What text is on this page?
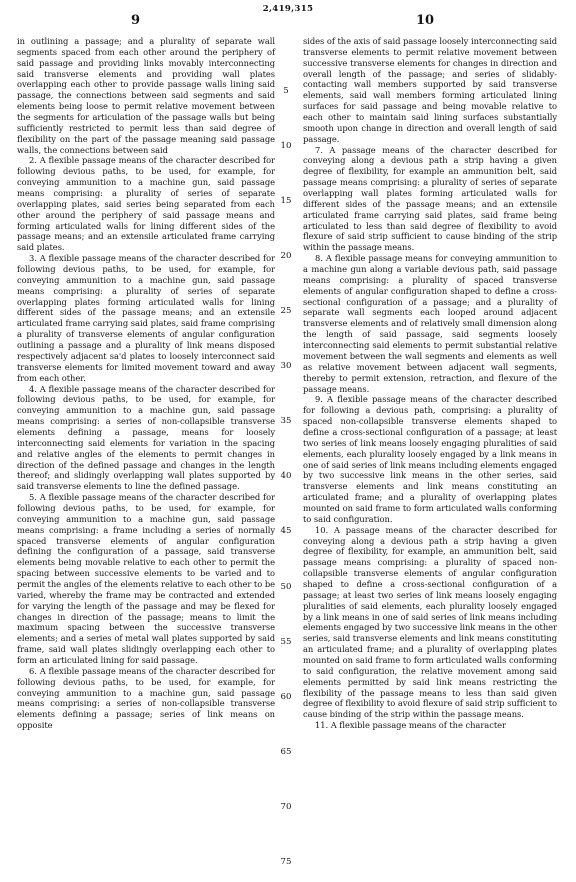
2,419,315
9	10

in outlining a passage; and a plurality of separate wall segments spaced from each other around the periphery of said passage and providing links movably interconnecting said transverse elements and providing wall plates overlapping each other to provide passage walls lining said passage, the connections between said segments and said elements being loose to permit relative movement between the segments for articulation of the passage walls but being sufficiently restricted to permit less than said degree of flexibility on the part of the passage meaning said passage walls, the connections between said

2. A flexible passage means of the character described for following devious paths, to be used, for example, for conveying ammunition to a machine gun, said passage means comprising: a plurality of series of separate overlapping plates, said series being separated from each other around the periphery of said passage means and forming articulated walls for lining different sides of the passage means; and an extensile articulated frame carrying said plates.

3. A flexible passage means of the character described for following devious paths, to be used, for example, for conveying ammunition to a machine gun, said passage means comprising: a plurality of series of separate overlapping plates forming articulated walls for lining different sides of the passage means; and an extensile articulated frame carrying said plates, said frame comprising a plurality of transverse elements of angular configuration outlining a passage and a plurality of link means disposed respectively adjacent sa'd plates to loosely interconnect said transverse elements for limited movement toward and away from each other.

4. A flexible passage means of the character described for following devious paths, to be used, for example, for conveying ammunition to a machine gun, said passage means comprising: a series of non-collapsible transverse elements defining a passage, means for loosely interconnecting said elements for variation in the spacing and relative angles of the elements to permit changes in direction of the defined passage and changes in the length thereof; and slidingly overlapping wall plates supported by said transverse elements to line the defined passage.

5. A flexible passage means of the character described for following devious paths, to be used, for example, for conveying ammunition to a machine gun, said passage means comprising: a frame including a series of normally spaced transverse elements of angular configuration defining the configuration of a passage, said transverse elements being movable relative to each other to permit the spacing between successive elements to be varied and to permit the angles of the elements relative to each other to be varied, whereby the frame may be contracted and extended for varying the length of the passage and may be flexed for changes in direction of the passage; means to limit the maximum spacing between the successive transverse elements; and a series of metal wall plates supported by said frame, said wall plates slidingly overlapping each other to form an articulated lining for said passage.

6. A flexible passage means of the character described for following devious paths, to be used, for example, for conveying ammunition to a machine gun, said passage means comprising: a series of non-collapsible transverse elements defining a passage; series of link means on opposite

sides of the axis of said passage loosely interconnecting said transverse elements to permit relative movement between successive transverse elements for changes in direction and overall length of the passage; and series of slidably-contacting wall members supported by said transverse elements, said wall members forming articulated lining surfaces for said passage and being movable relative to each other to maintain said lining surfaces substantially smooth upon change in direction and overall length of said passage.

7. A passage means of the character described for conveying along a devious path a strip having a given degree of flexibility, for example an ammunition belt, said passage means comprising: a plurality of series of separate overlapping wall plates forming articulated walls for different sides of the passage means; and an extensile articulated frame carrying said plates, said frame being articulated to less than said degree of flexibility to avoid flexure of said strip sufficient to cause binding of the strip within the passage means.

8. A flexible passage means for conveying ammunition to a machine gun along a variable devious path, said passage means comprising: a plurality of spaced transverse elements of angular configuration shaped to define a cross-sectional configuration of a passage; and a plurality of separate wall segments each looped around adjacent transverse elements and of relatively small dimension along the length of said passage, said segments loosely interconnecting said elements to permit substantial relative movement between the wall segments and elements as well as relative movement between adjacent wall segments, thereby to permit extension, retraction, and flexure of the passage means.

9. A flexible passage means of the character described for following a devious path, comprising: a plurality of spaced non-collapsible transverse elements shaped to define a cross-sectional configuration of a passage; at least two series of link means loosely engaging pluralities of said elements, each plurality loosely engaged by a link means in one of said series of link means including elements engaged by two successive link means in the other series, said transverse elements and link means constituting an articulated frame; and a plurality of overlapping plates mounted on said frame to form articulated walls conforming to said configuration.

10. A passage means of the character described for conveying along a devious path a strip having a given degree of flexibility, for example, an ammunition belt, said passage means comprising: a plurality of spaced non-collapsible transverse elements of angular configuration shaped to define a cross-sectional configuration of a passage; at least two series of link means loosely engaging pluralities of said elements, each plurality loosely engaged by a link means in one of said series of link means including elements engaged by two successive link means in the other series, said transverse elements and link means constituting an articulated frame; and a plurality of overlapping plates mounted on said frame to form articulated walls conforming to said configuration, the relative movement among said elements permitted by said link means restricting the flexibility of the passage means to less than said given degree of flexibility to avoid flexure of said strip sufficient to cause binding of the strip within the passage means.

11. A flexible passage means of the character

5
10
15
20
25
30
35
40
45
50
55
60
65
70
75
